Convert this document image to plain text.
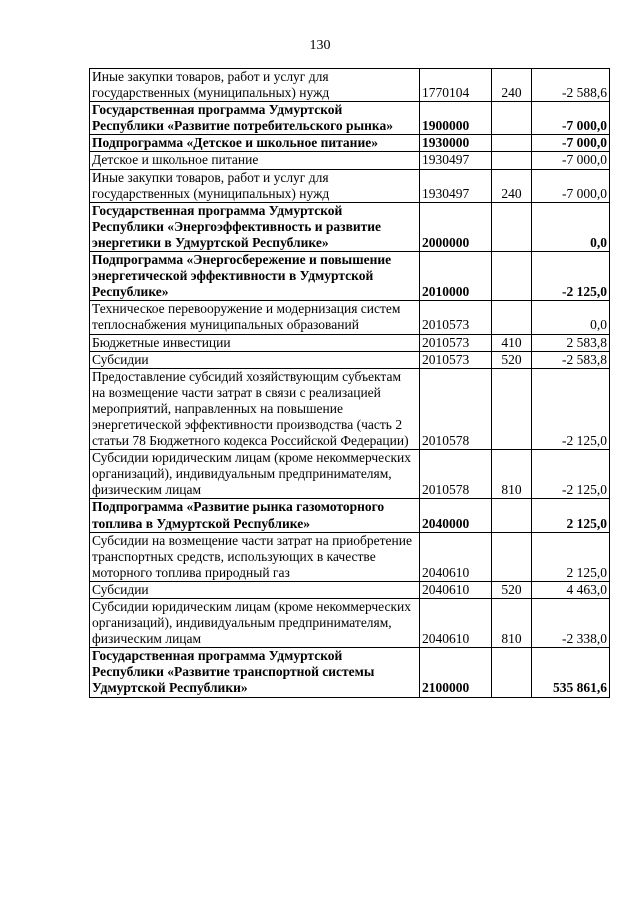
130
Иные закупки товаров, работ и услуг для государственных (муниципальных) нужд	1770104	240	-2 588,6
Государственная программа Удмуртской Республики «Развитие потребительского рынка»	1900000		-7 000,0
Подпрограмма «Детское и школьное питание»	1930000		-7 000,0
Детское и школьное питание	1930497		-7 000,0
Иные закупки товаров, работ и услуг для государственных (муниципальных) нужд	1930497	240	-7 000,0
Государственная программа Удмуртской Республики «Энергоэффективность и развитие энергетики в Удмуртской Республике»	2000000		0,0
Подпрограмма «Энергосбережение и повышение энергетической эффективности в Удмуртской Республике»	2010000		-2 125,0
Техническое перевооружение и модернизация систем теплоснабжения муниципальных образований	2010573		0,0
Бюджетные инвестиции	2010573	410	2 583,8
Субсидии	2010573	520	-2 583,8
Предоставление субсидий хозяйствующим субъектам на возмещение части затрат в связи с реализацией мероприятий, направленных на повышение энергетической эффективности производства (часть 2 статьи 78 Бюджетного кодекса Российской Федерации)	2010578		-2 125,0
Субсидии юридическим лицам (кроме некоммерческих организаций), индивидуальным предпринимателям, физическим лицам	2010578	810	-2 125,0
Подпрограмма «Развитие рынка газомоторного топлива в Удмуртской Республике»	2040000		2 125,0
Субсидии на возмещение части затрат на приобретение транспортных средств, использующих в качестве моторного топлива природный газ	2040610		2 125,0
Субсидии	2040610	520	4 463,0
Субсидии юридическим лицам (кроме некоммерческих организаций), индивидуальным предпринимателям, физическим лицам	2040610	810	-2 338,0
Государственная программа Удмуртской Республики «Развитие транспортной системы Удмуртской Республики»	2100000		535 861,6
